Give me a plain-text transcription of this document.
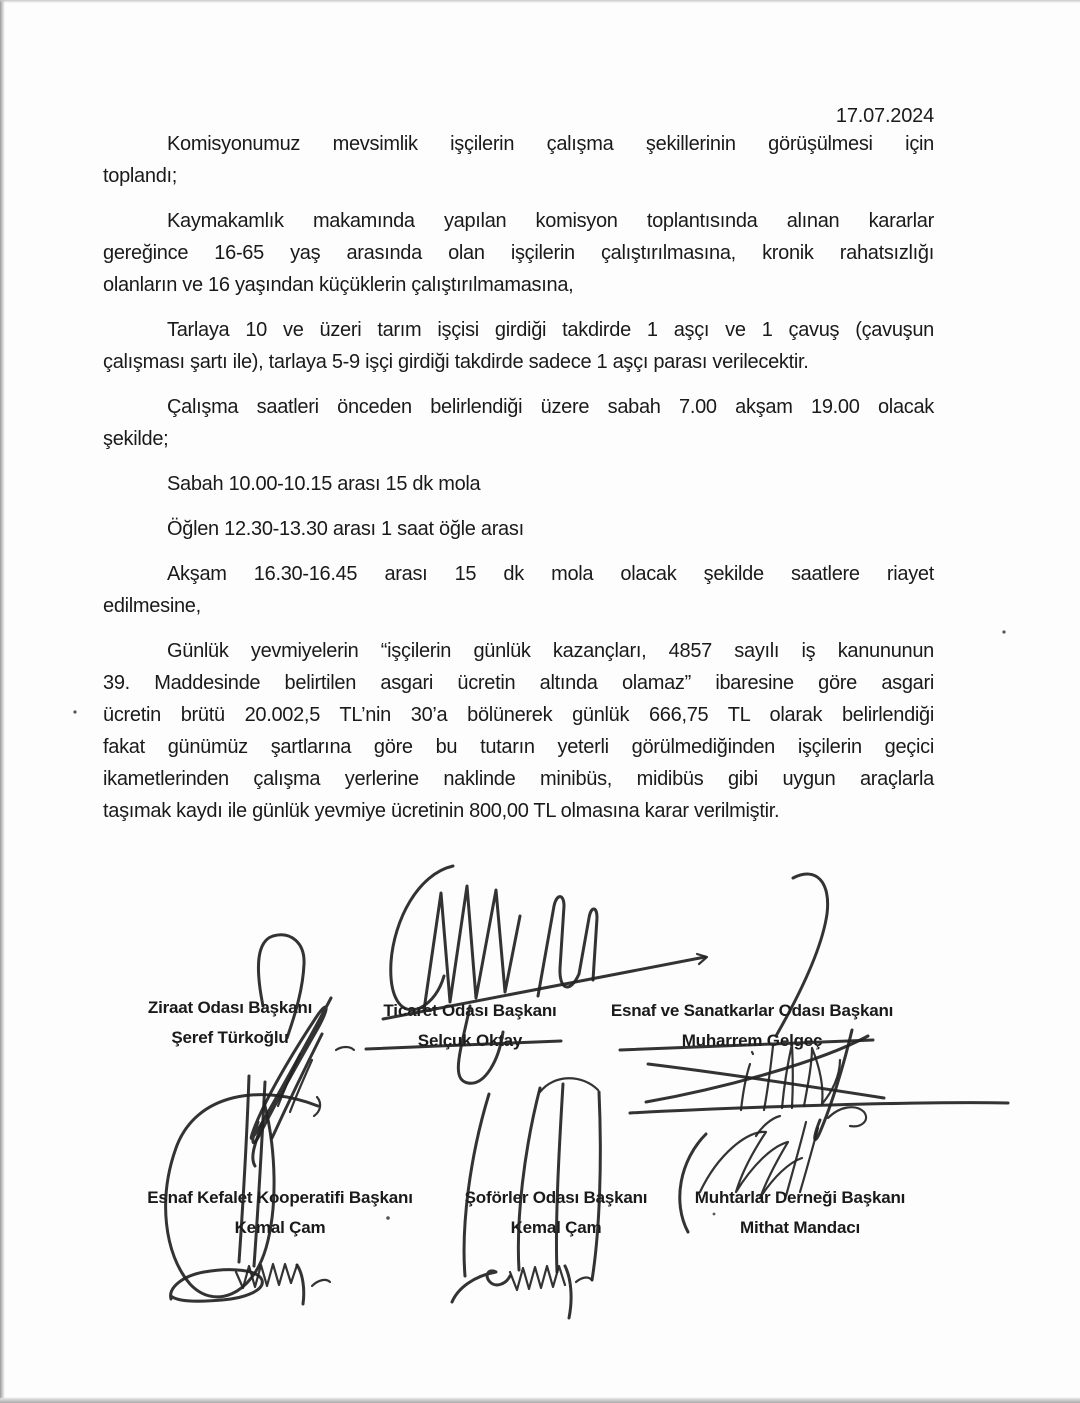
17.07.2024
Komisyonumuz mevsimlik işçilerin çalışma şekillerinin görüşülmesi için
toplandı;
Kaymakamlık makamında yapılan komisyon toplantısında alınan kararlar
gereğince 16-65 yaş arasında olan işçilerin çalıştırılmasına, kronik rahatsızlığı
olanların ve 16 yaşından küçüklerin çalıştırılmamasına,
Tarlaya 10 ve üzeri tarım işçisi girdiği takdirde 1 aşçı ve 1 çavuş (çavuşun
çalışması şartı ile), tarlaya 5-9 işçi girdiği takdirde sadece 1 aşçı parası verilecektir.
Çalışma saatleri önceden belirlendiği üzere sabah 7.00 akşam 19.00 olacak
şekilde;
Sabah 10.00-10.15 arası 15 dk mola
Öğlen 12.30-13.30 arası 1 saat öğle arası
Akşam 16.30-16.45 arası 15 dk mola olacak şekilde saatlere riayet
edilmesine,
Günlük yevmiyelerin “işçilerin günlük kazançları, 4857 sayılı iş kanununun
39. Maddesinde belirtilen asgari ücretin altında olamaz” ibaresine göre asgari
ücretin brütü 20.002,5 TL’nin 30’a bölünerek günlük 666,75 TL olarak belirlendiği
fakat günümüz şartlarına göre bu tutarın yeterli görülmediğinden işçilerin geçici
ikametlerinden çalışma yerlerine naklinde minibüs, midibüs gibi uygun araçlarla
taşımak kaydı ile günlük yevmiye ücretinin 800,00 TL olmasına karar verilmiştir.
Ziraat Odası Başkanı
Şeref Türkoğlu
Ticaret Odası Başkanı
Selçuk Oktay
Esnaf ve Sanatkarlar Odası Başkanı
Muharrem Gelgeç
Esnaf Kefalet Kooperatifi Başkanı
Kemal Çam
Şoförler Odası Başkanı
Kemal Çam
Muhtarlar Derneği Başkanı
Mithat Mandacı
